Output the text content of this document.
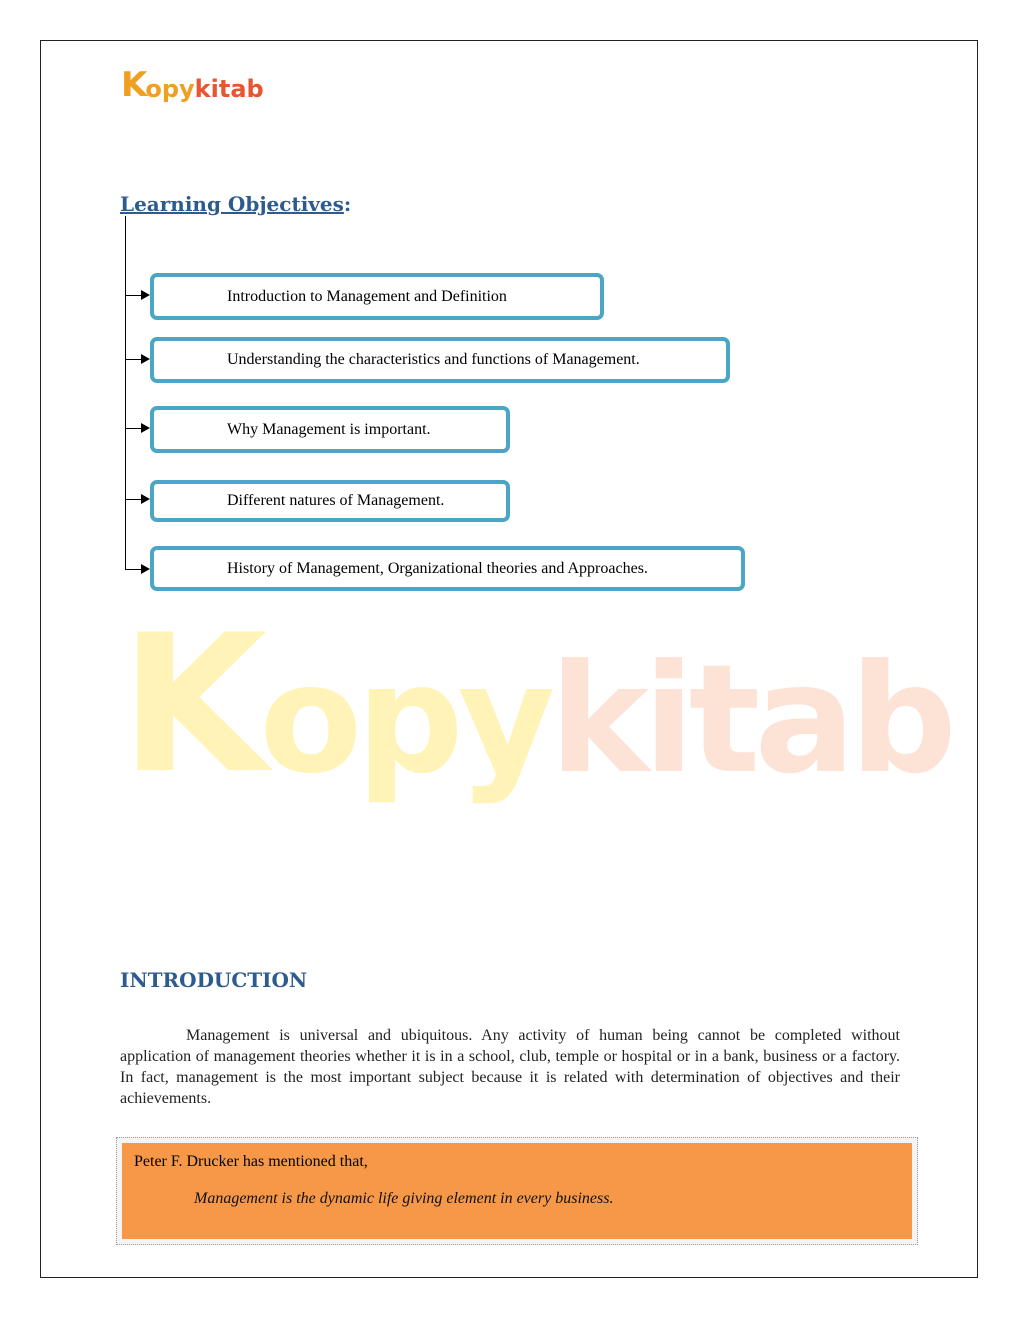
K
opy kitab
K opy kitab
Learning Objectives:
Introduction to Management and Definition
Understanding the characteristics and functions of Management.
Why Management is important.
Different natures of Management.
History of Management, Organizational theories and Approaches.
INTRODUCTION
Management is universal and ubiquitous. Any activity of human being cannot be completed without application of management theories whether it is in a school, club, temple or hospital or in a bank, business or a factory. In fact, management is the most important subject because it is related with determination of objectives and their achievements.
Peter F. Drucker has mentioned that,
Management is the dynamic life giving element in every business.
